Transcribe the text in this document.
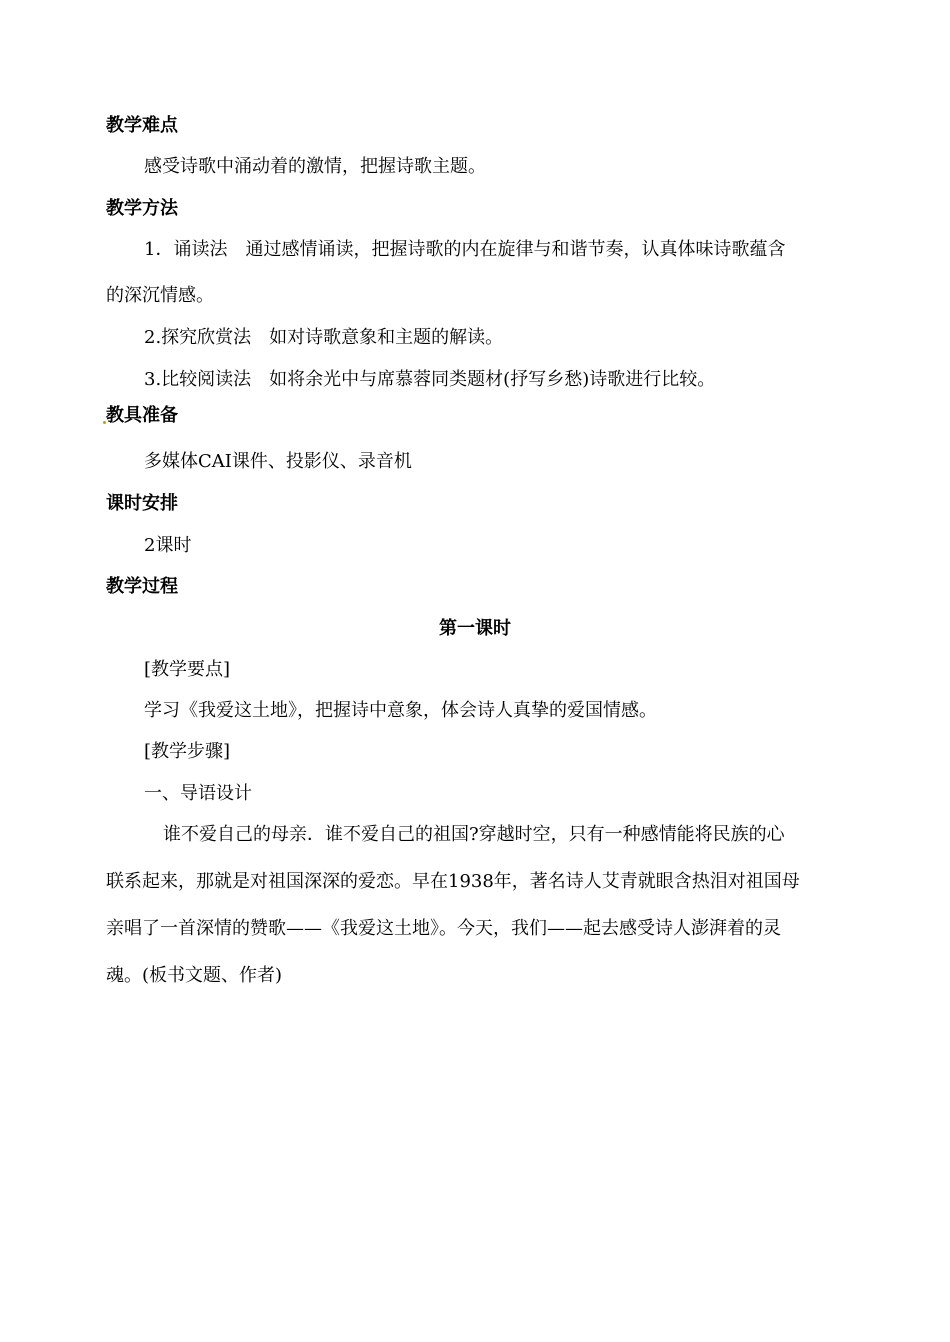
教学难点
感受诗歌中涌动着的激情，把握诗歌主题。
教学方法
1．诵读法　通过感情诵读，把握诗歌的内在旋律与和谐节奏，认真体味诗歌蕴含
的深沉情感。
2.探究欣赏法　如对诗歌意象和主题的解读。
3.比较阅读法　如将余光中与席慕蓉同类题材(抒写乡愁)诗歌进行比较。
教具准备
多媒体CAI课件、投影仪、录音机
课时安排
2课时
教学过程
第一课时
[教学要点]
学习《我爱这土地》，把握诗中意象，体会诗人真挚的爱国情感。
[教学步骤]
一、导语设计
谁不爱自己的母亲．谁不爱自己的祖国?穿越时空，只有一种感情能将民族的心
联系起来，那就是对祖国深深的爱恋。早在1938年，著名诗人艾青就眼含热泪对祖国母
亲唱了一首深情的赞歌——《我爱这土地》。今天，我们——起去感受诗人澎湃着的灵
魂。(板书文题、作者)
